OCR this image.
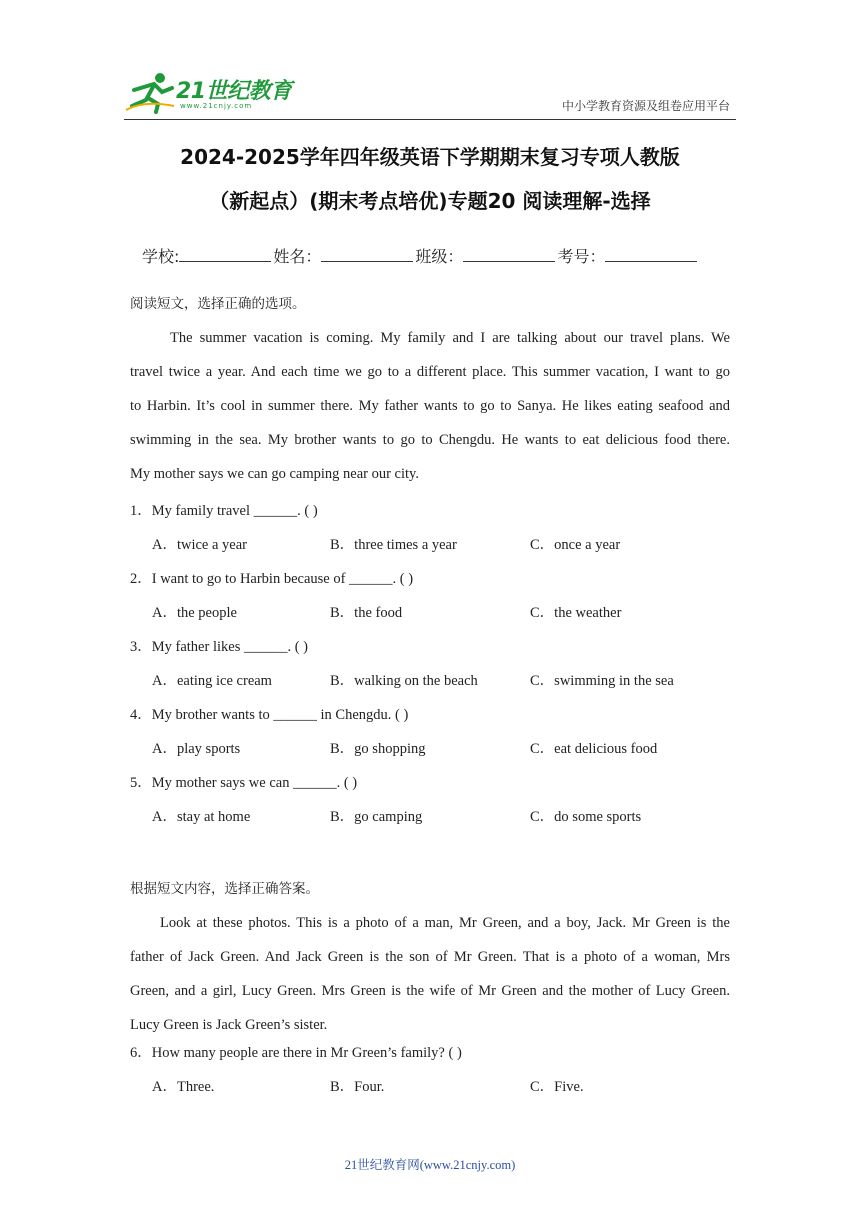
21世纪教育
www.21cnjy.com	中小学教育资源及组卷应用平台
2024-2025学年四年级英语下学期期末复习专项人教版
（新起点）(期末考点培优)专题20 阅读理解-选择
学校:	姓名：	班级：	考号：
阅读短文，选择正确的选项。
The summer vacation is coming. My family and I are talking about our travel plans. We
travel twice a year. And each time we go to a different place. This summer vacation, I want to go
to Harbin. It’s cool in summer there. My father wants to go to Sanya. He likes eating seafood and
swimming in the sea. My brother wants to go to Chengdu. He wants to eat delicious food there.
My mother says we can go camping near our city.
1．My family travel ______. ( )
A．twice a year	B．three times a year	C．once a year
2．I want to go to Harbin because of ______. ( )
A．the people	B．the food	C．the weather
3．My father likes ______. ( )
A．eating ice cream	B．walking on the beach	C．swimming in the sea
4．My brother wants to ______ in Chengdu. ( )
A．play sports	B．go shopping	C．eat delicious food
5．My mother says we can ______. ( )
A．stay at home	B．go camping	C．do some sports
根据短文内容，选择正确答案。
Look at these photos. This is a photo of a man, Mr Green, and a boy, Jack. Mr Green is the
father of Jack Green. And Jack Green is the son of Mr Green. That is a photo of a woman, Mrs
Green, and a girl, Lucy Green. Mrs Green is the wife of Mr Green and the mother of Lucy Green.
Lucy Green is Jack Green’s sister.
6．How many people are there in Mr Green’s family? ( )
A．Three.	B．Four.	C．Five.
21世纪教育网(www.21cnjy.com)
